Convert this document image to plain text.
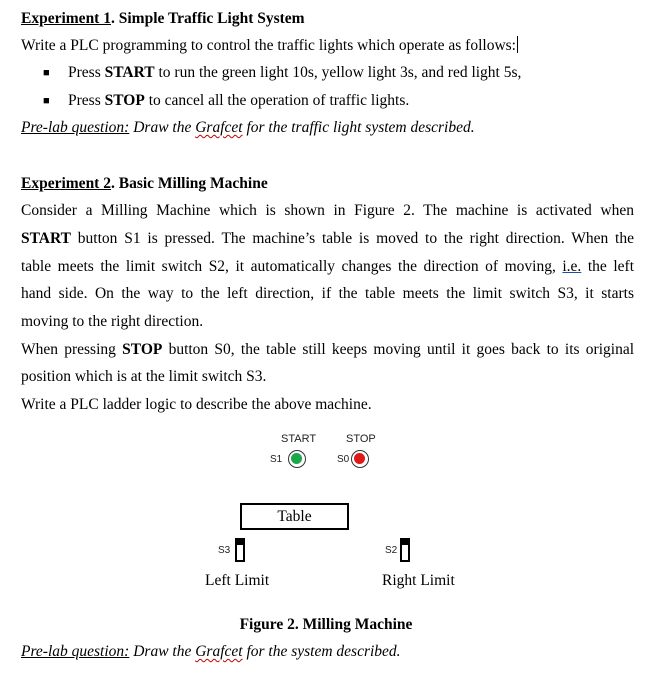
Experiment 1. Simple Traffic Light System
Write a PLC programming to control the traffic lights which operate as follows:
■ Press START to run the green light 10s, yellow light 3s, and red light 5s,
■ Press STOP to cancel all the operation of traffic lights.
Pre-lab question: Draw the Grafcet for the traffic light system described.
Experiment 2. Basic Milling Machine
Consider a Milling Machine which is shown in Figure 2. The machine is activated when
START button S1 is pressed. The machine’s table is moved to the right direction. When the
table meets the limit switch S2, it automatically changes the direction of moving, i.e. the left
hand side. On the way to the left direction, if the table meets the limit switch S3, it starts
moving to the right direction.
When pressing STOP button S0, the table still keeps moving until it goes back to its original
position which is at the limit switch S3.
Write a PLC ladder logic to describe the above machine.
START	STOP
S1	S0
Table
S3	S2
Left Limit	Right Limit
Figure 2. Milling Machine
Pre-lab question: Draw the Grafcet for the system described.
